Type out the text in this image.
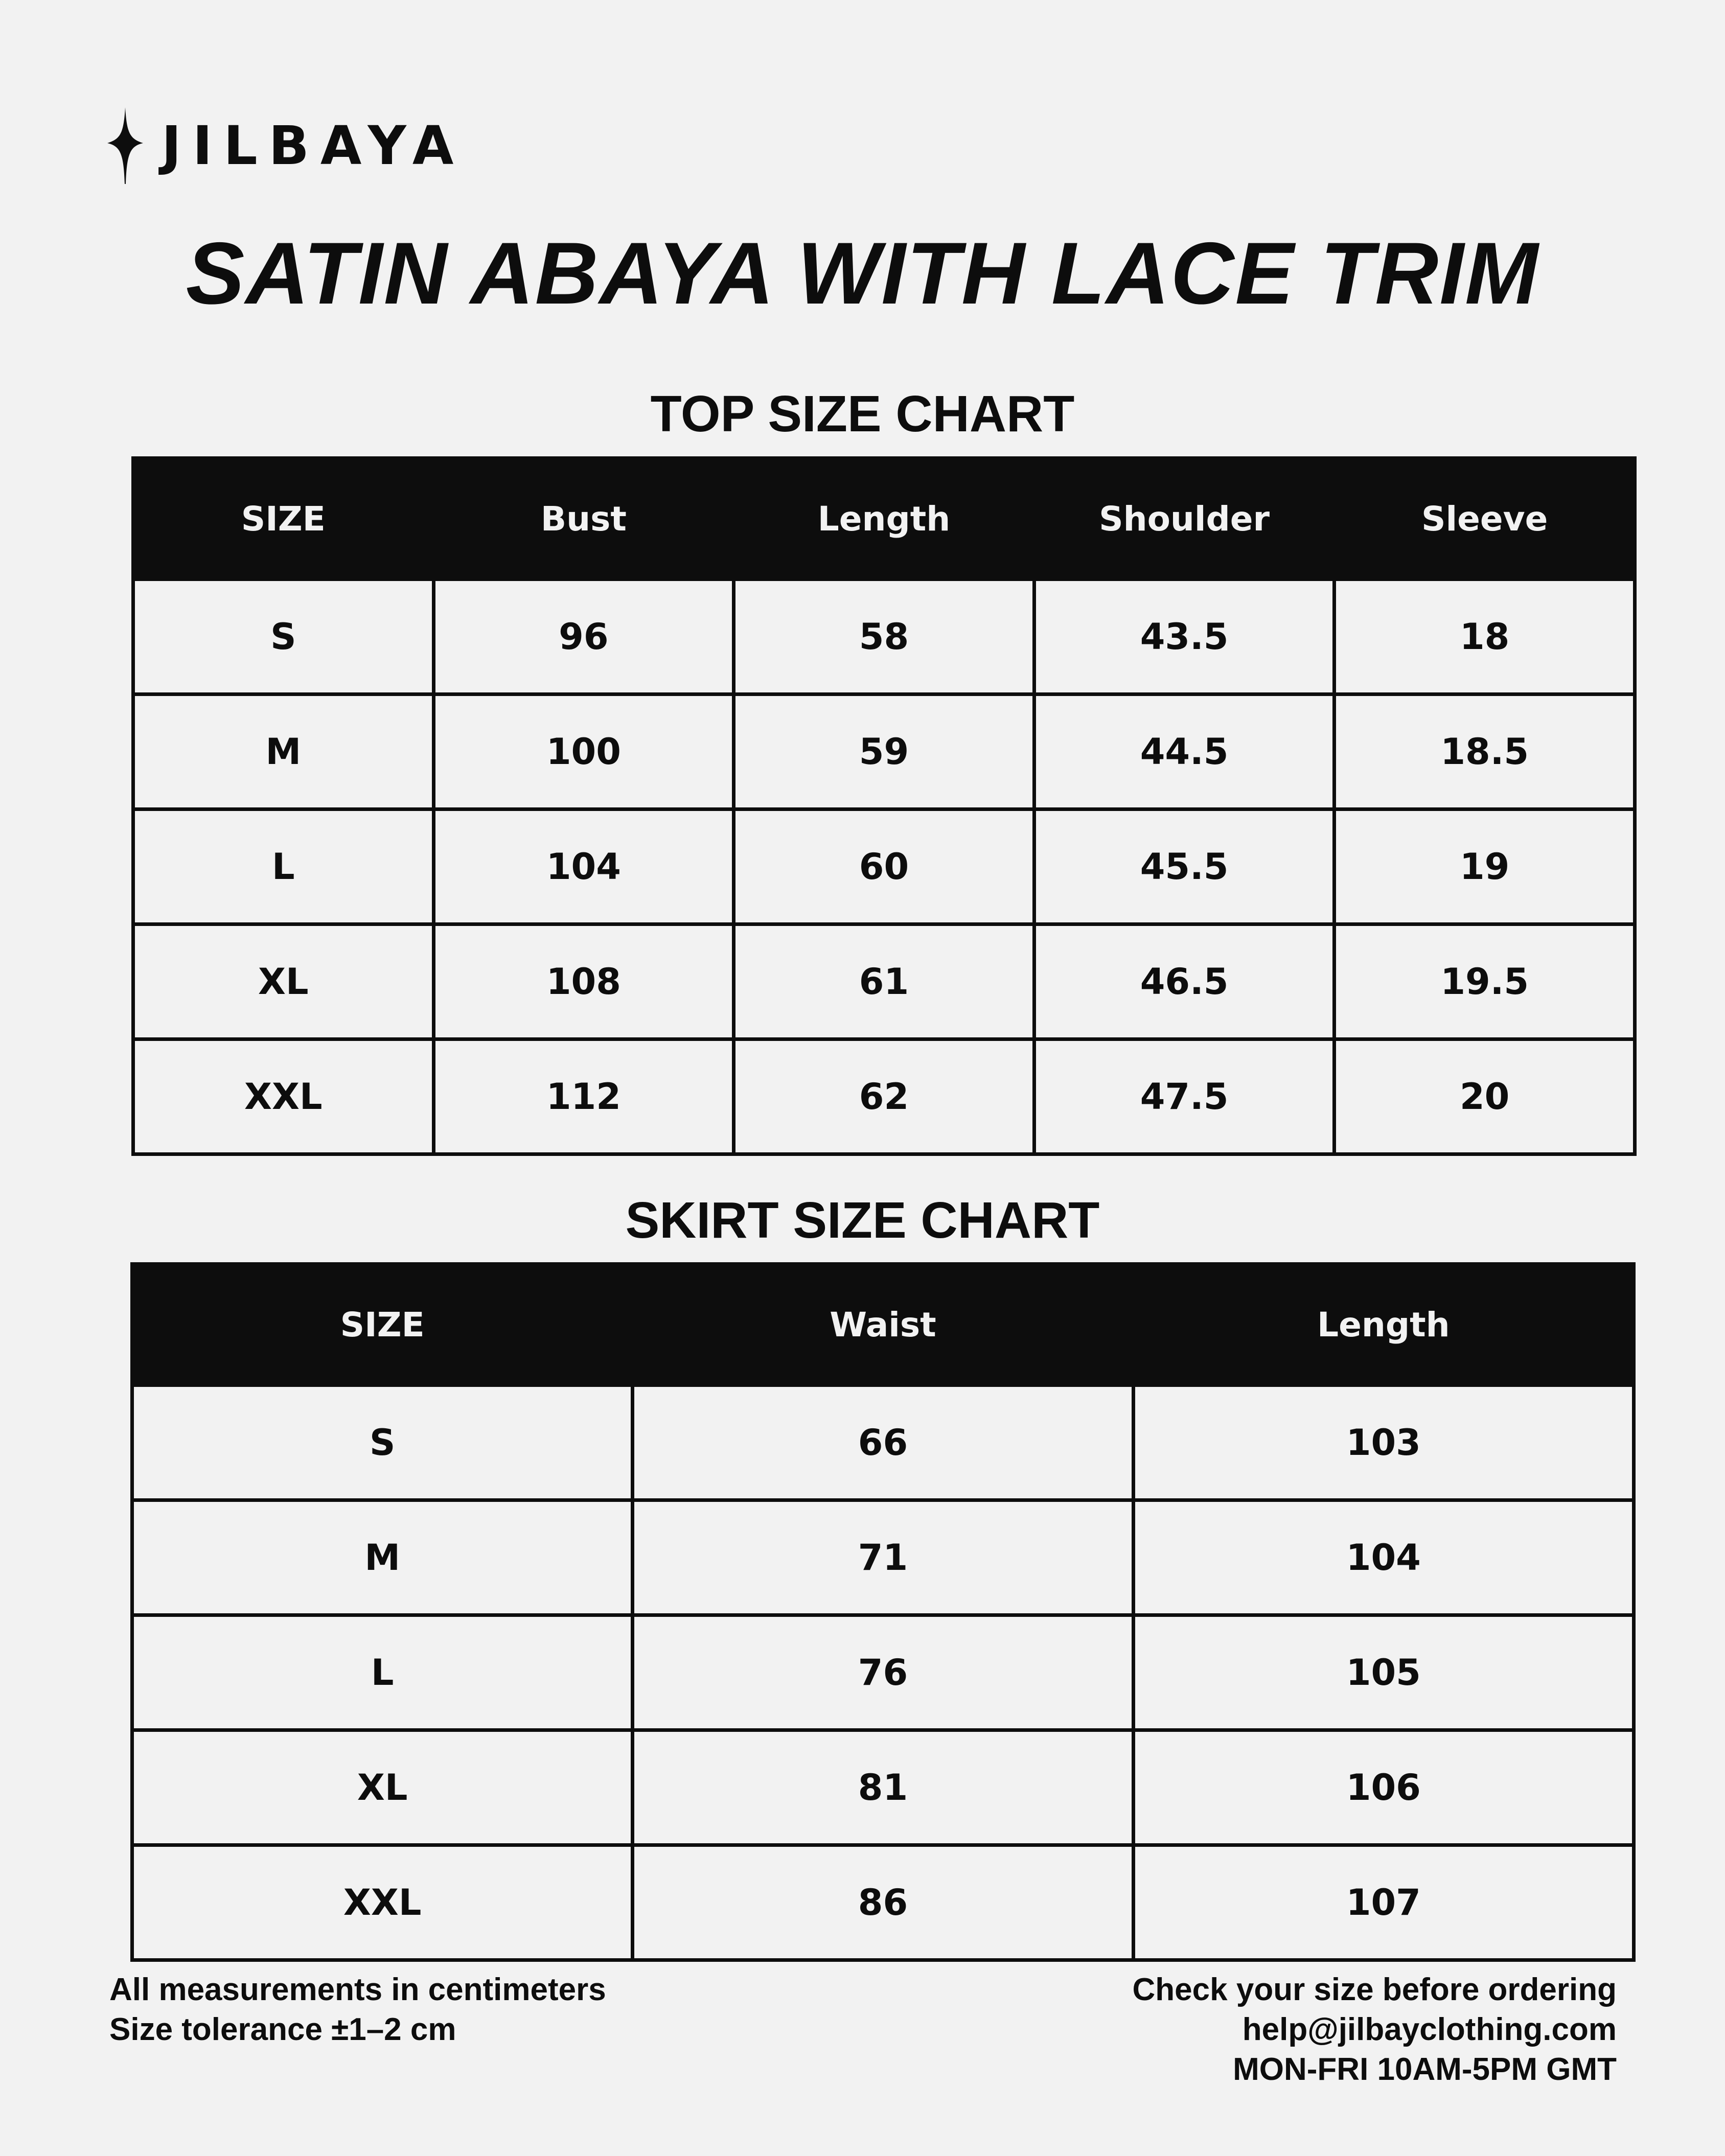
JILBAYA
SATIN ABAYA WITH LACE TRIM
TOP SIZE CHART
SIZE	Bust	Length	Shoulder	Sleeve
S	96	58	43.5	18
M	100	59	44.5	18.5
L	104	60	45.5	19
XL	108	61	46.5	19.5
XXL	112	62	47.5	20
SKIRT SIZE CHART
SIZE	Waist	Length
S	66	103
M	71	104
L	76	105
XL	81	106
XXL	86	107
All measurements in centimeters
Size tolerance ±1–2 cm
Check your size before ordering
help@jilbayclothing.com
MON-FRI 10AM-5PM GMT
